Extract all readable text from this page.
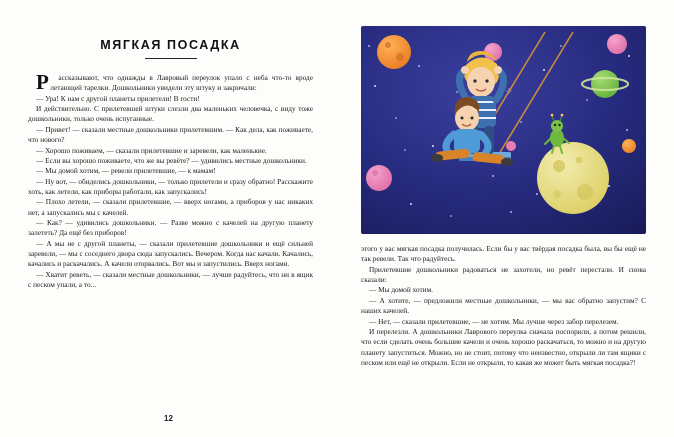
МЯГКАЯ ПОСАДКА

Р ассказывают, что однажды в Лавровый переулок упало с неба что-то вроде летающей тарелки. Дошкольники увидели эту штуку и закричали:

— Ура! К нам с другой планеты прилетели! В гости!

И действительно. С прилетевшей штуки слезли два маленьких человечка, с виду тоже дошкольники, только очень испуганные.

— Привет! — сказали местные дошкольники прилетевшим. — Как дела, как поживаете, что нового?

— Хорошо поживаем, — сказали прилетевшие и заревели, как маленькие.

— Если вы хорошо поживаете, что же вы ревёте? — удивились местные дошкольники.

— Мы домой хотим, — ревели прилетевшие, — к мамам!

— Ну вот, — обиделись дошкольники, — только прилетели и сразу обратно! Расскажите хоть, как летели, как приборы работали, как запускались!

— Плохо летели, — сказали прилетевшие, — вверх ногами, а приборов у нас никаких нет, а запускались мы с качелей.

— Как? — удивились дошкольники. — Разве можно с качелей на другую планету залететь? Да ещё без приборов!

— А мы не с другой планеты, — сказали прилетевшие дошкольники и ещё сильней заревели, — мы с соседнего двора сюда запускались. Вечером. Когда нас качали. Качались, качались и раскачались. А качели оторвались. Вот мы и запустились. Вверх ногами.

— Хватит реветь, — сказали местные дошкольники, — лучше радуйтесь, что ни в ящик с песком упали, а то...

12

этого у вас мягкая посадка получилась. Если бы у вас твёрдая посадка была, вы бы ещё не так ревели. Так что радуйтесь.

Прилетевшие дошкольники радоваться не захотели, но ревёт перестали. И снова сказали:

— Мы домой хотим.

— А хотите, — предложили местные дошкольники, — мы вас обратно запустим? С наших качелей.

— Нет, — сказали прилетевшие, — не хотим. Мы лучше через забор перелезем.

И перелезли. А дошкольники Лаврового переулка сначала поспорили, а потом решили, что если сделать очень большие качели и очень хорошо раскачаться, то можно и на другую планету запуститься. Можно, но не стоит, потому что неизвестно, открыли ли там ящики с песком или ещё не открыли. Если не открыли, то какая же может быть мягкая посадка?!
